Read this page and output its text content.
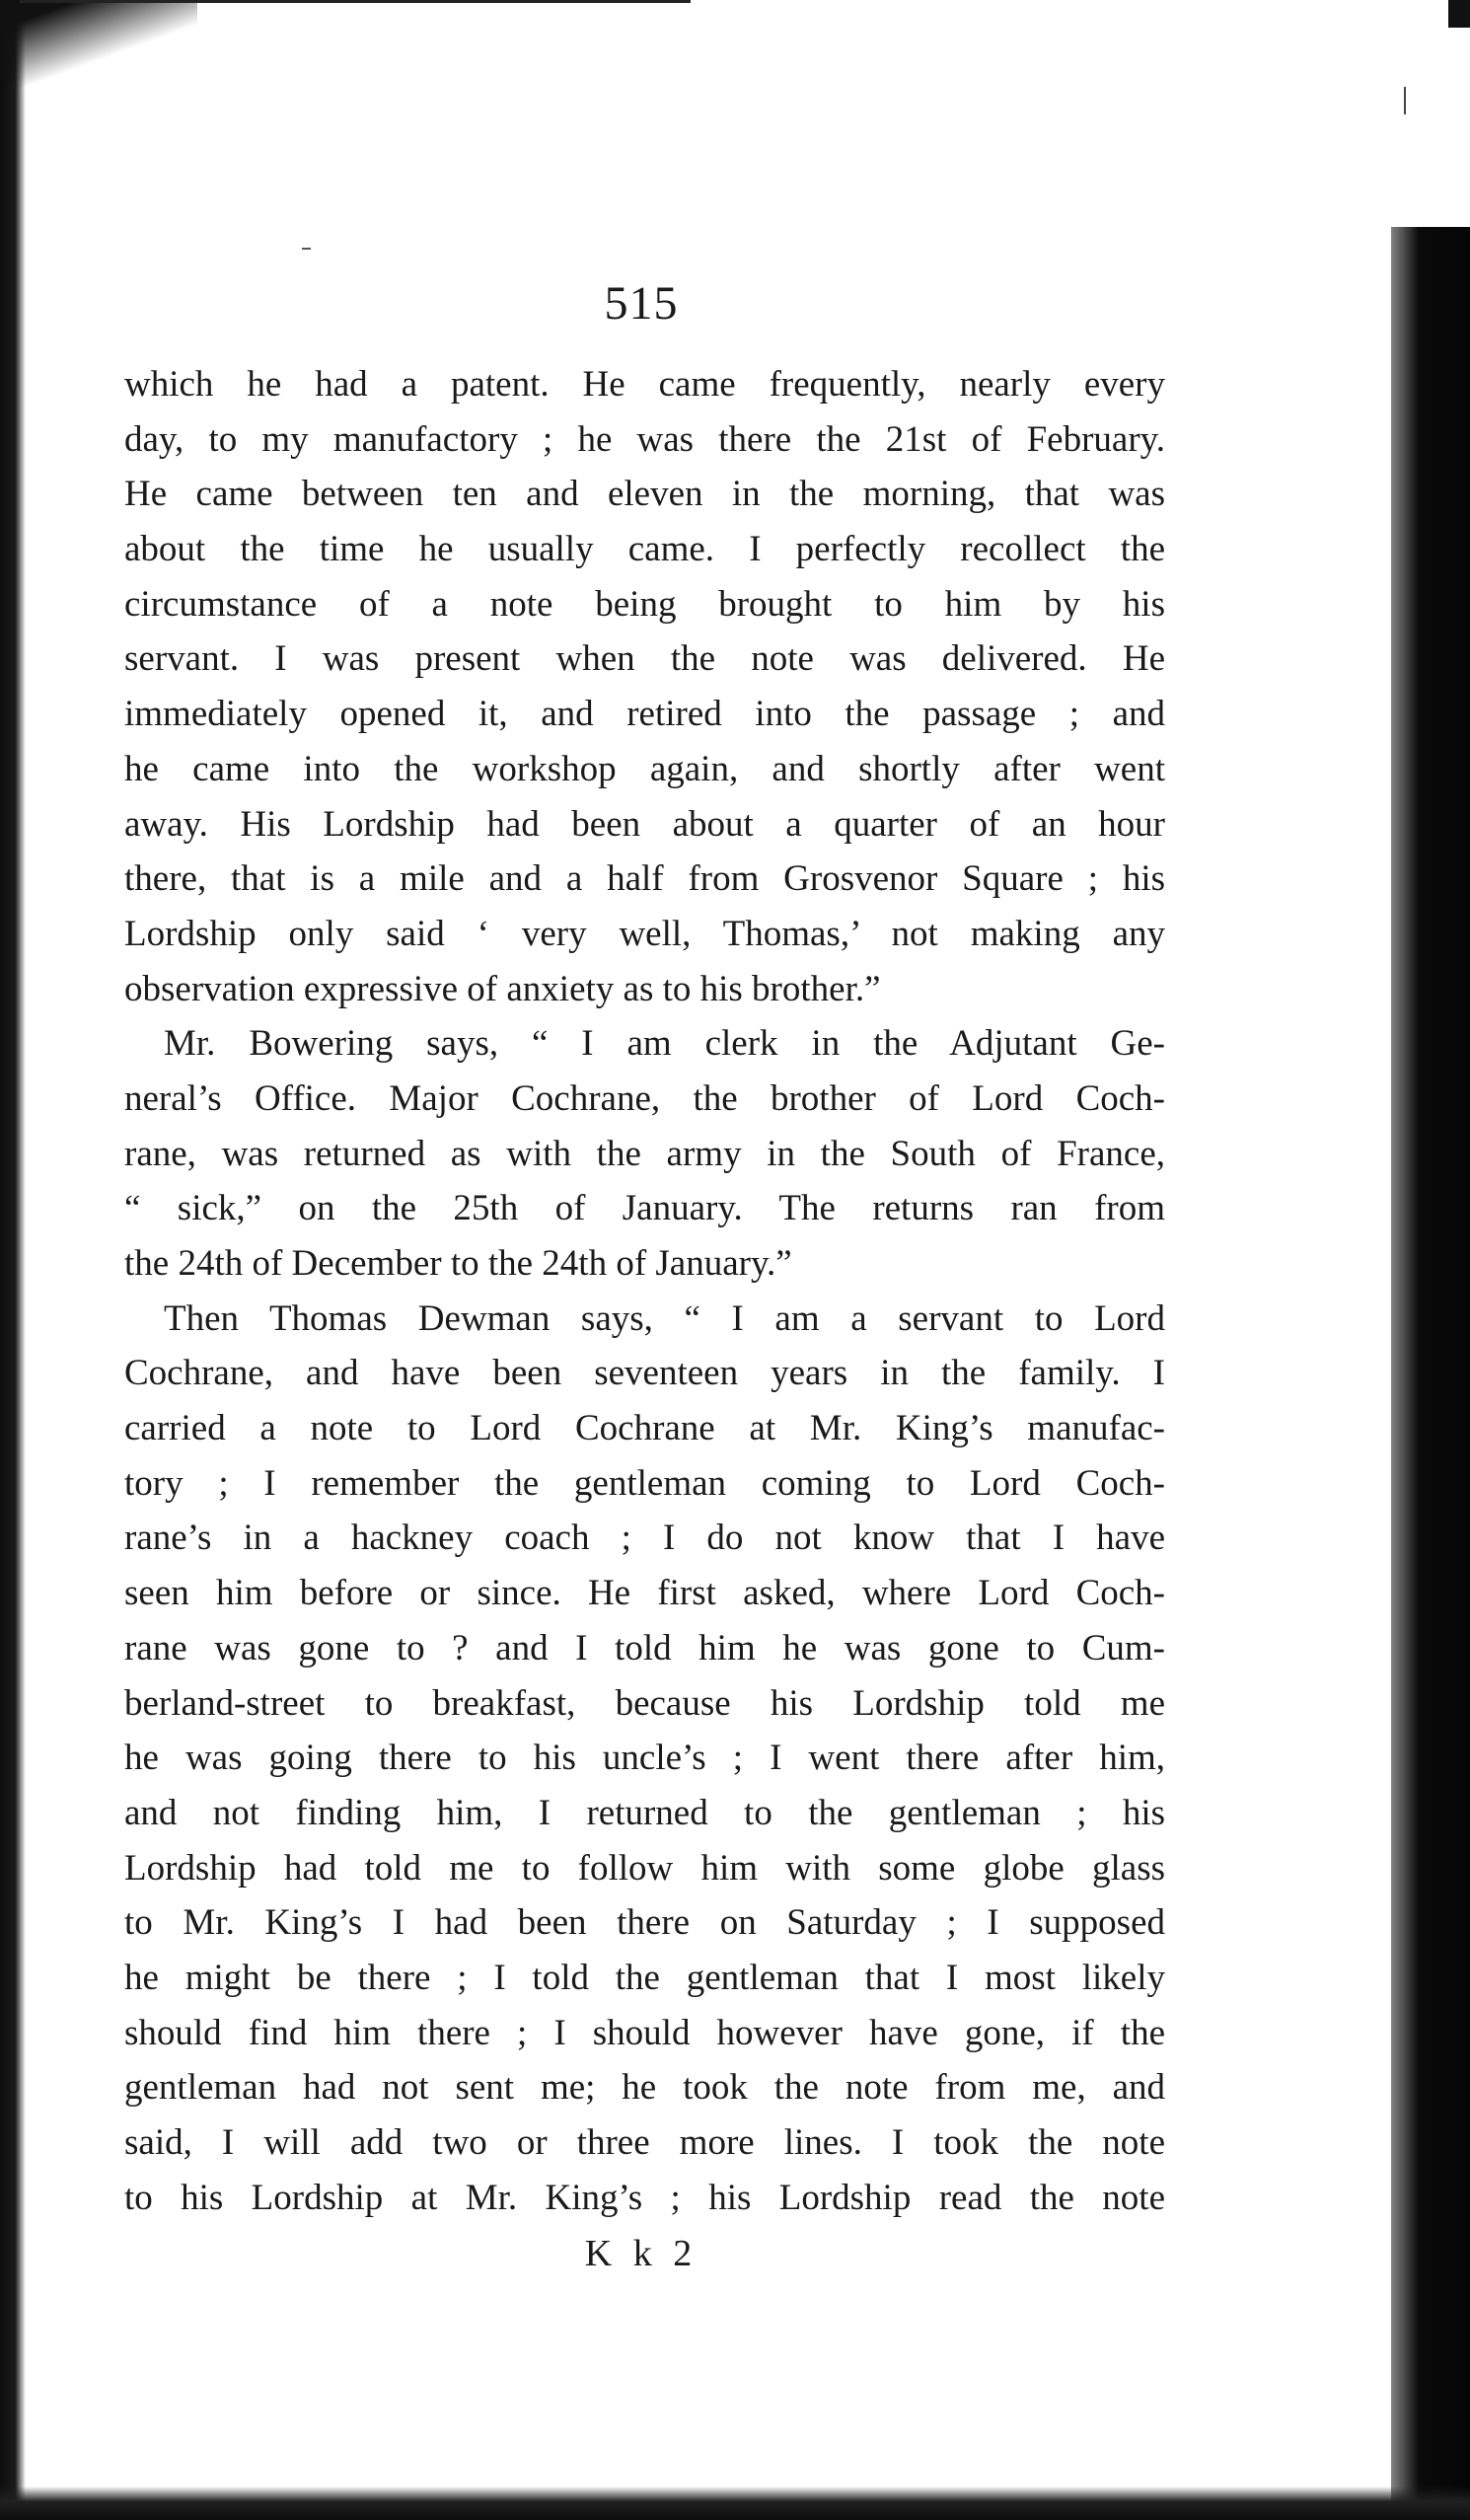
515
which he had a patent. He came frequently, nearly every
day, to my manufactory ; he was there the 21st of February.
He came between ten and eleven in the morning, that was
about the time he usually came. I perfectly recollect the
circumstance of a note being brought to him by his
servant. I was present when the note was delivered. He
immediately opened it, and retired into the passage ; and
he came into the workshop again, and shortly after went
away. His Lordship had been about a quarter of an hour
there, that is a mile and a half from Grosvenor Square ; his
Lordship only said ‘ very well, Thomas,’ not making any
observation expressive of anxiety as to his brother.”
Mr. Bowering says, “ I am clerk in the Adjutant Ge-
neral’s Office. Major Cochrane, the brother of Lord Coch-
rane, was returned as with the army in the South of France,
“ sick,” on the 25th of January. The returns ran from
the 24th of December to the 24th of January.”
Then Thomas Dewman says, “ I am a servant to Lord
Cochrane, and have been seventeen years in the family. I
carried a note to Lord Cochrane at Mr. King’s manufac-
tory ; I remember the gentleman coming to Lord Coch-
rane’s in a hackney coach ; I do not know that I have
seen him before or since. He first asked, where Lord Coch-
rane was gone to ? and I told him he was gone to Cum-
berland-street to breakfast, because his Lordship told me
he was going there to his uncle’s ; I went there after him,
and not finding him, I returned to the gentleman ; his
Lordship had told me to follow him with some globe glass
to Mr. King’s I had been there on Saturday ; I supposed
he might be there ; I told the gentleman that I most likely
should find him there ; I should however have gone, if the
gentleman had not sent me; he took the note from me, and
said, I will add two or three more lines. I took the note
to his Lordship at Mr. King’s ; his Lordship read the note
K k 2
